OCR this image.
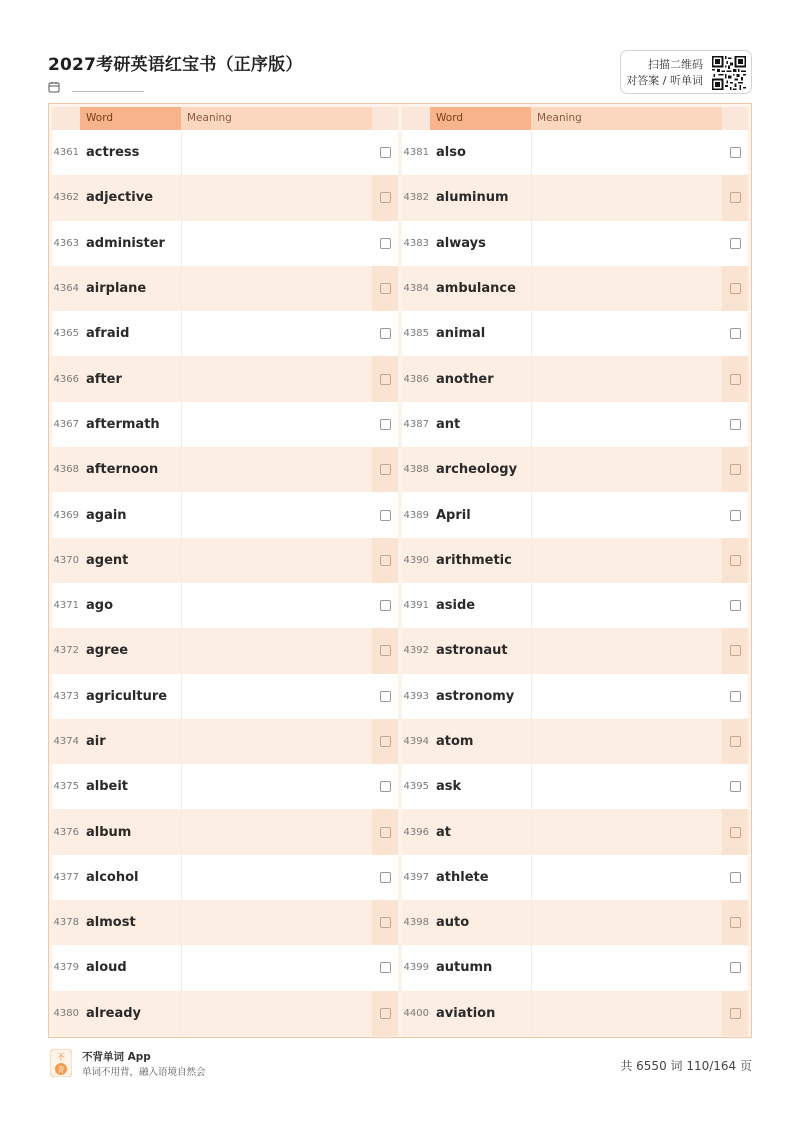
2027考研英语红宝书（正序版）	扫描二维码
对答案 / 听单词
Word	Meaning
4361 actress
4362 adjective
4363 administer
4364 airplane
4365 afraid
4366 after
4367 aftermath
4368 afternoon
4369 again
4370 agent
4371 ago
4372 agree
4373 agriculture
4374 air
4375 albeit
4376 album
4377 alcohol
4378 almost
4379 aloud
4380 already
Word	Meaning
4381 also
4382 aluminum
4383 always
4384 ambulance
4385 animal
4386 another
4387 ant
4388 archeology
4389 April
4390 arithmetic
4391 aside
4392 astronaut
4393 astronomy
4394 atom
4395 ask
4396 at
4397 athlete
4398 auto
4399 autumn
4400 aviation
不
背
不背单词 App
单词不用背，融入语境自然会	共 6550 词 110/164 页
